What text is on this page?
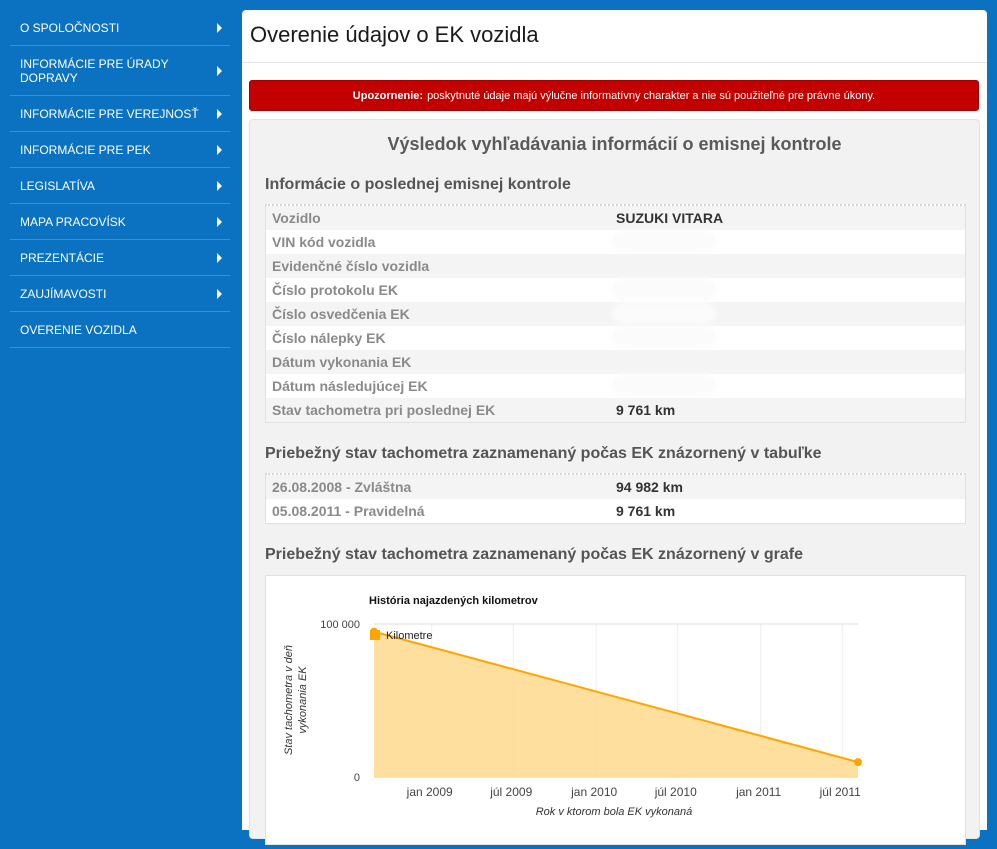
O SPOLOČNOSTI
INFORMÁCIE PRE ÚRADY DOPRAVY
INFORMÁCIE PRE VEREJNOSŤ
INFORMÁCIE PRE PEK
LEGISLATÍVA
MAPA PRACOVÍSK
PREZENTÁCIE
ZAUJÍMAVOSTI
OVERENIE VOZIDLA
Overenie údajov o EK vozidla
Upozornenie: poskytnuté údaje majú výlučne informatívny charakter a nie sú použiteľné pre právne úkony.
Výsledok vyhľadávania informácií o emisnej kontrole
Informácie o poslednej emisnej kontrole
Vozidlo	SUZUKI VITARA
VIN kód vozidla
Evidenčné číslo vozidla
Číslo protokolu EK
Číslo osvedčenia EK
Číslo nálepky EK
Dátum vykonania EK
Dátum následujúcej EK
Stav tachometra pri poslednej EK	9 761 km
Priebežný stav tachometra zaznamenaný počas EK znázornený v tabuľke
26.08.2008 - Zvláštna	94 982 km
05.08.2011 - Pravidelná	9 761 km
Priebežný stav tachometra zaznamenaný počas EK znázornený v grafe
jan 2009	júl 2009	jan 2010	júl 2010	jan 2011	júl 2011
0
100 000
História najazdených kilometrov
Kilometre
Rok v ktorom bola EK vykonaná
Stav tachometra v deň vykonania EK
